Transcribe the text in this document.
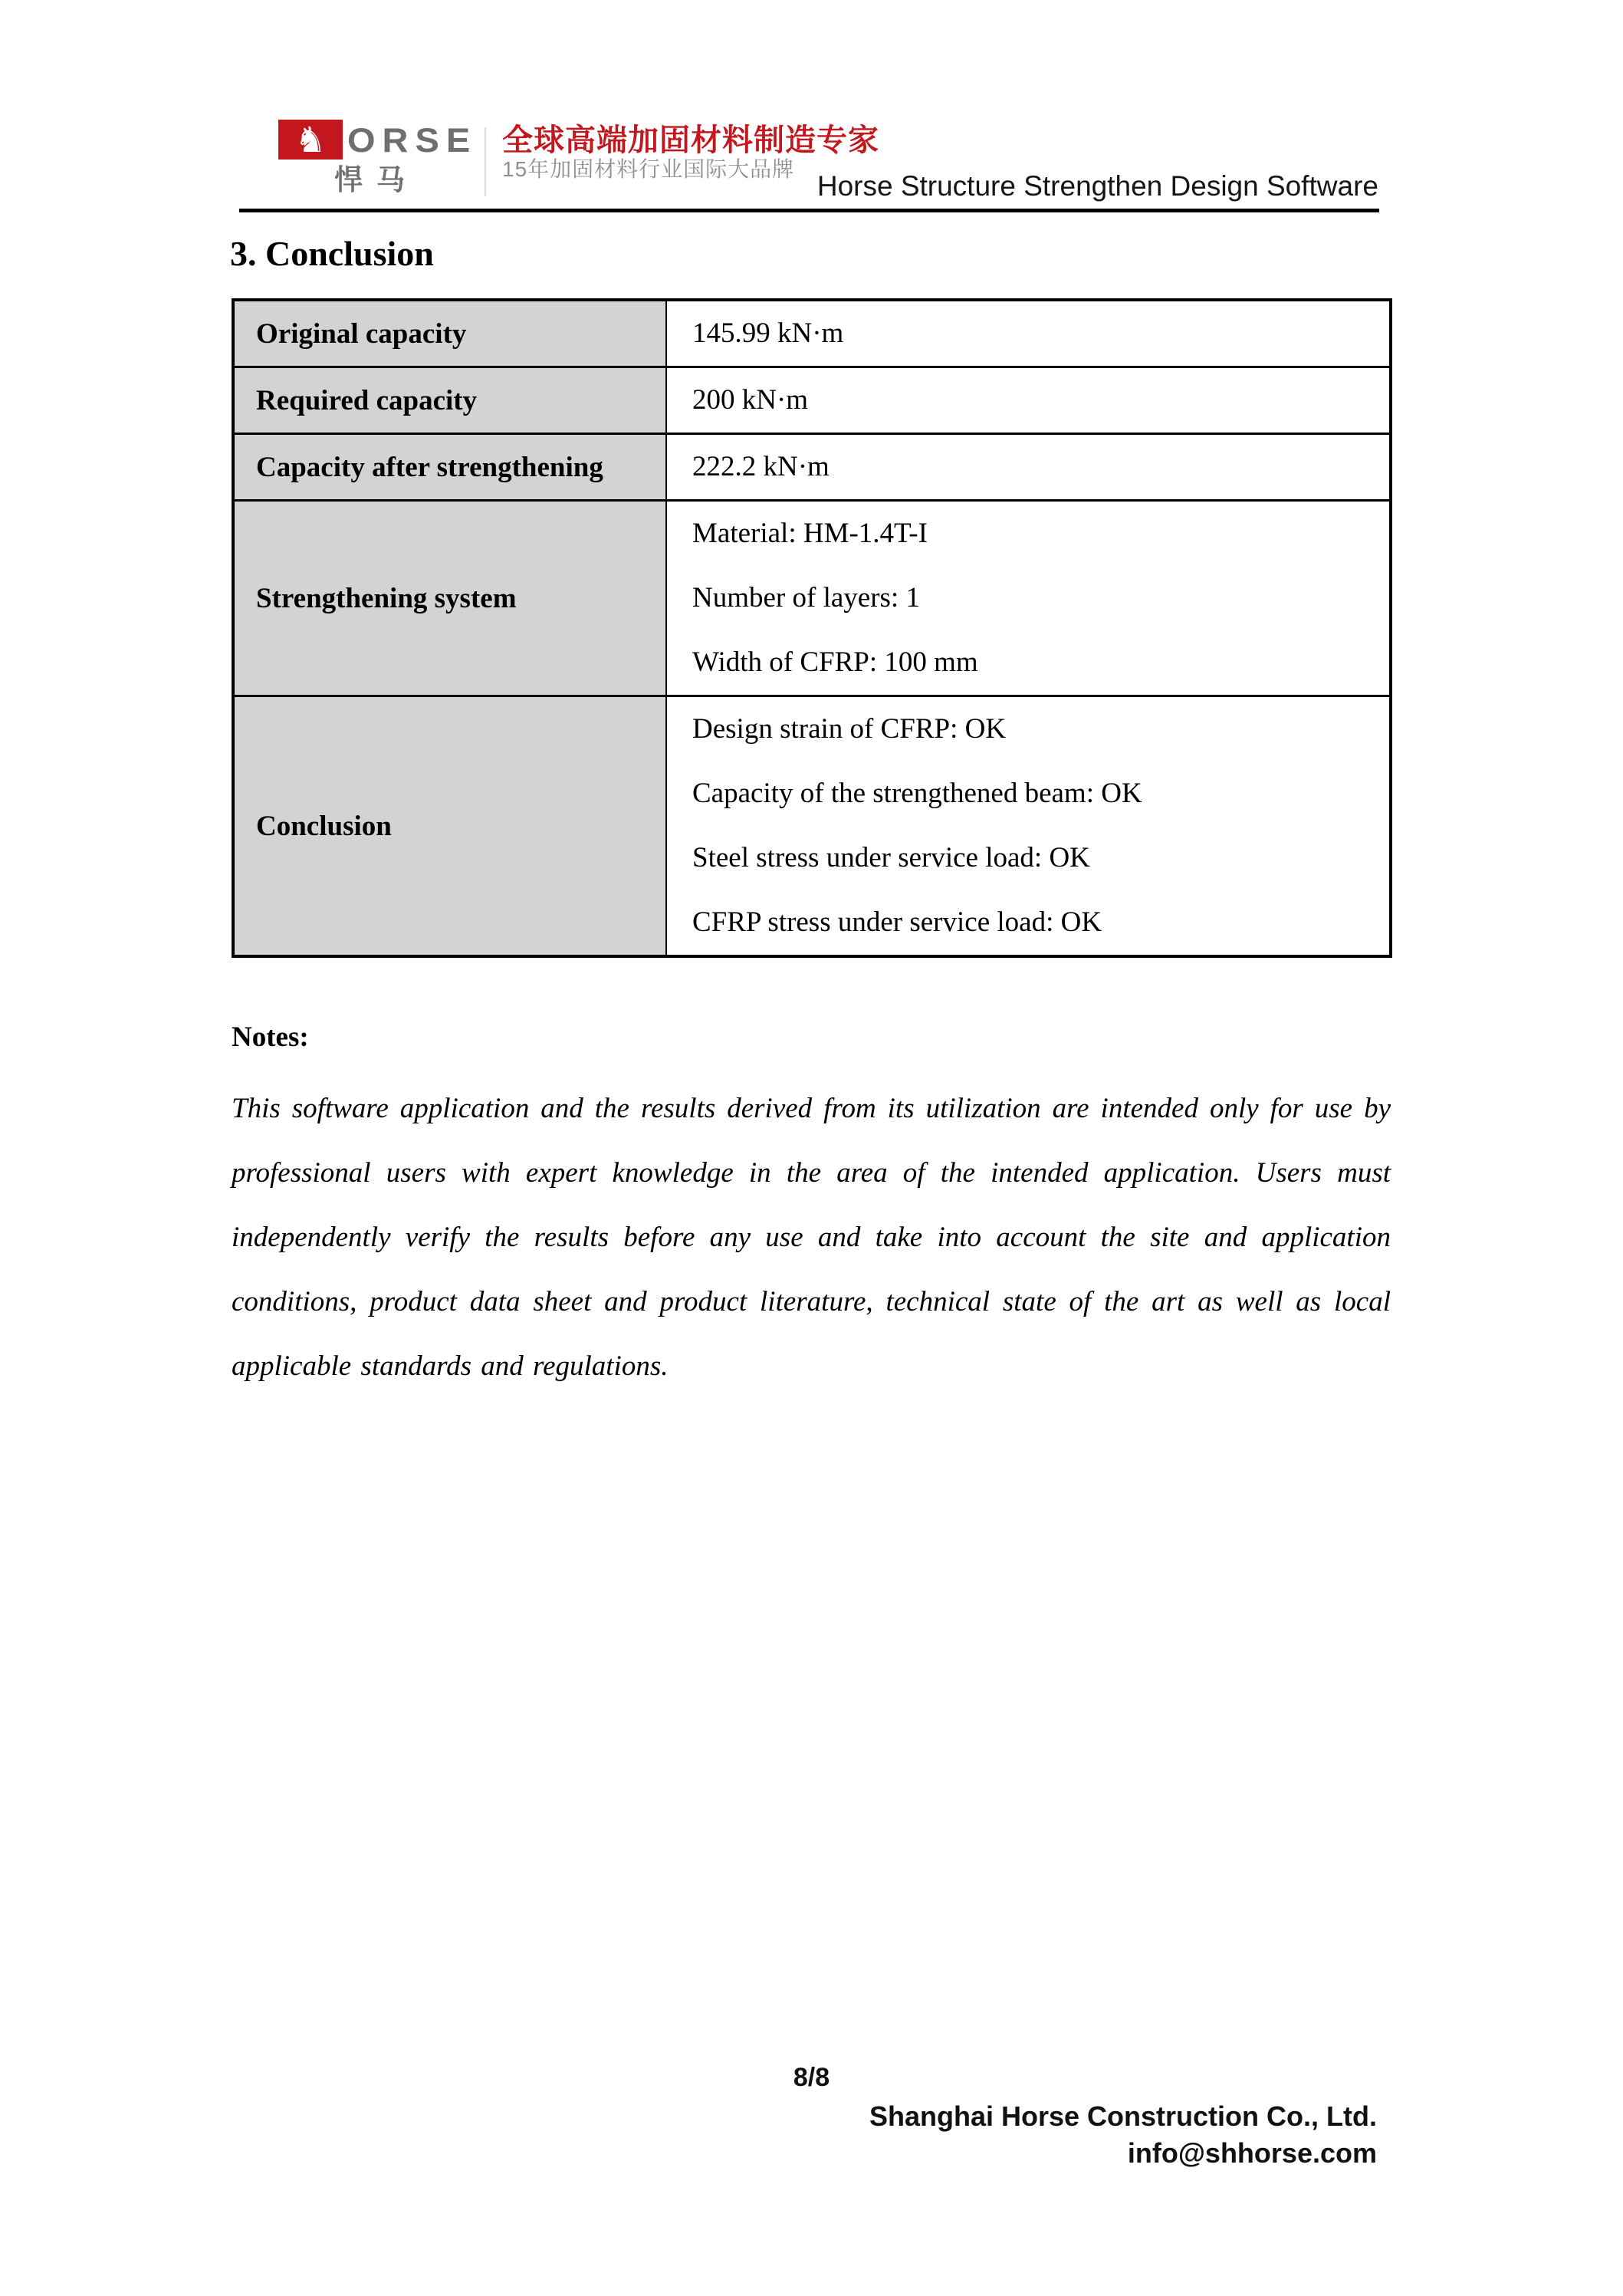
♞ ORSE
悍马
全球高端加固材料制造专家
15年加固材料行业国际大品牌
Horse Structure Strengthen Design Software
3. Conclusion
Original capacity	145.99 kN·m

Required capacity	200 kN·m

Capacity after strengthening	222.2 kN·m

Strengthening system	Material: HM-1.4T-I
Number of layers: 1
Width of CFRP: 100 mm

Conclusion	Design strain of CFRP: OK
Capacity of the strengthened beam: OK
Steel stress under service load: OK
CFRP stress under service load: OK
Notes:
This software application and the results derived from its utilization are intended only for use by professional users with expert knowledge in the area of the intended application. Users must independently verify the results before any use and take into account the site and application conditions, product data sheet and product literature, technical state of the art as well as local applicable standards and regulations.
8/8
Shanghai Horse Construction Co., Ltd.
info@shhorse.com
